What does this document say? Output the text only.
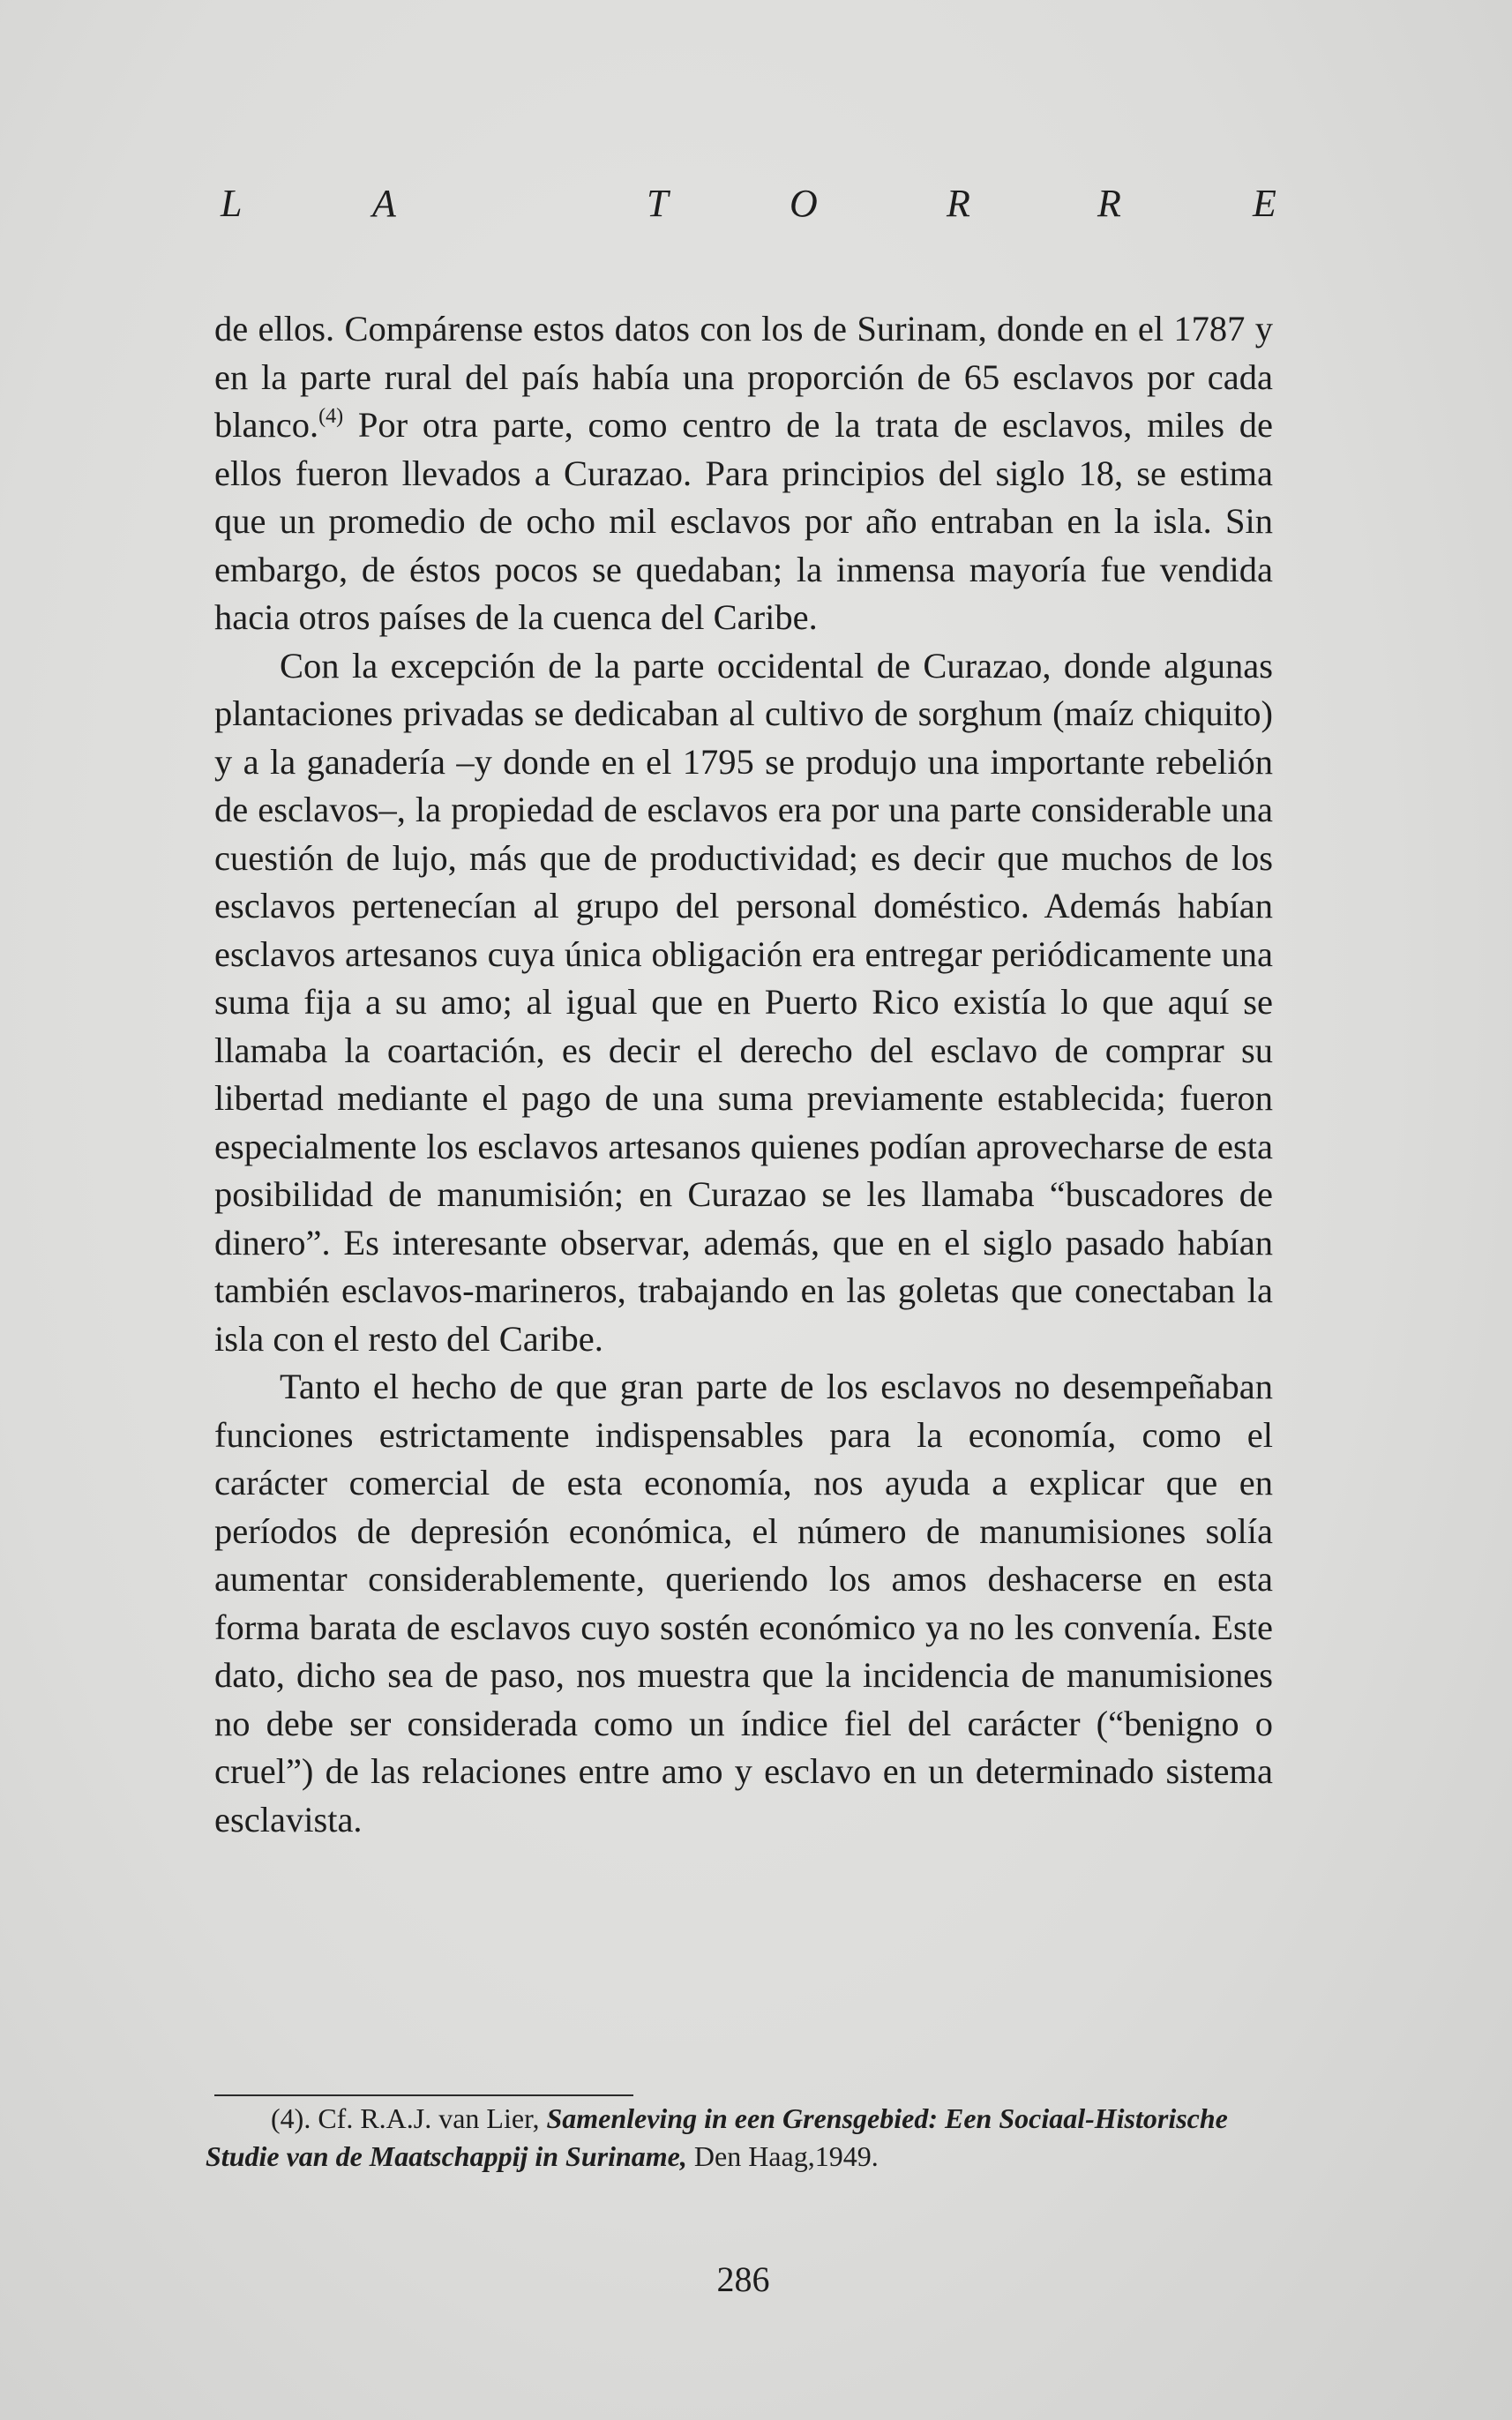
L	A	T	O	R	R	E

de ellos. Compárense estos datos con los de Surinam, donde en el 1787 y en la parte rural del país había una proporción de 65 esclavos por cada blanco.$^{(4)}$ Por otra parte, como centro de la trata de esclavos, miles de ellos fueron llevados a Curazao. Para principios del siglo 18, se estima que un promedio de ocho mil esclavos por año entraban en la isla. Sin embargo, de éstos pocos se quedaban; la inmensa mayoría fue vendida hacia otros países de la cuenca del Caribe.

Con la excepción de la parte occidental de Curazao, donde algunas plantaciones privadas se dedicaban al cultivo de sorghum (maíz chiquito) y a la ganadería –y donde en el 1795 se produjo una importante rebelión de esclavos–, la propiedad de esclavos era por una parte considerable una cuestión de lujo, más que de productividad; es decir que muchos de los esclavos pertenecían al grupo del personal doméstico. Además habían esclavos artesanos cuya única obligación era entregar periódicamente una suma fija a su amo; al igual que en Puerto Rico existía lo que aquí se llamaba la coartación, es decir el derecho del esclavo de comprar su libertad mediante el pago de una suma previamente establecida; fueron especialmente los esclavos artesanos quienes podían aprovecharse de esta posibilidad de manumisión; en Curazao se les llamaba “buscadores de dinero”. Es interesante observar, además, que en el siglo pasado habían también esclavos-marineros, trabajando en las goletas que conectaban la isla con el resto del Caribe.

Tanto el hecho de que gran parte de los esclavos no desempeñaban funciones estrictamente indispensables para la economía, como el carácter comercial de esta economía, nos ayuda a explicar que en períodos de depresión económica, el número de manumisiones solía aumentar considerablemente, queriendo los amos deshacerse en esta forma barata de esclavos cuyo sostén económico ya no les convenía. Este dato, dicho sea de paso, nos muestra que la incidencia de manumisiones no debe ser considerada como un índice fiel del carácter (“benigno o cruel”) de las relaciones entre amo y esclavo en un determinado sistema esclavista.

(4). Cf. R.A.J. van Lier, Samenleving in een Grensgebied: Een Sociaal-Historische Studie van de Maatschappij in Suriname, Den Haag,1949.
286
